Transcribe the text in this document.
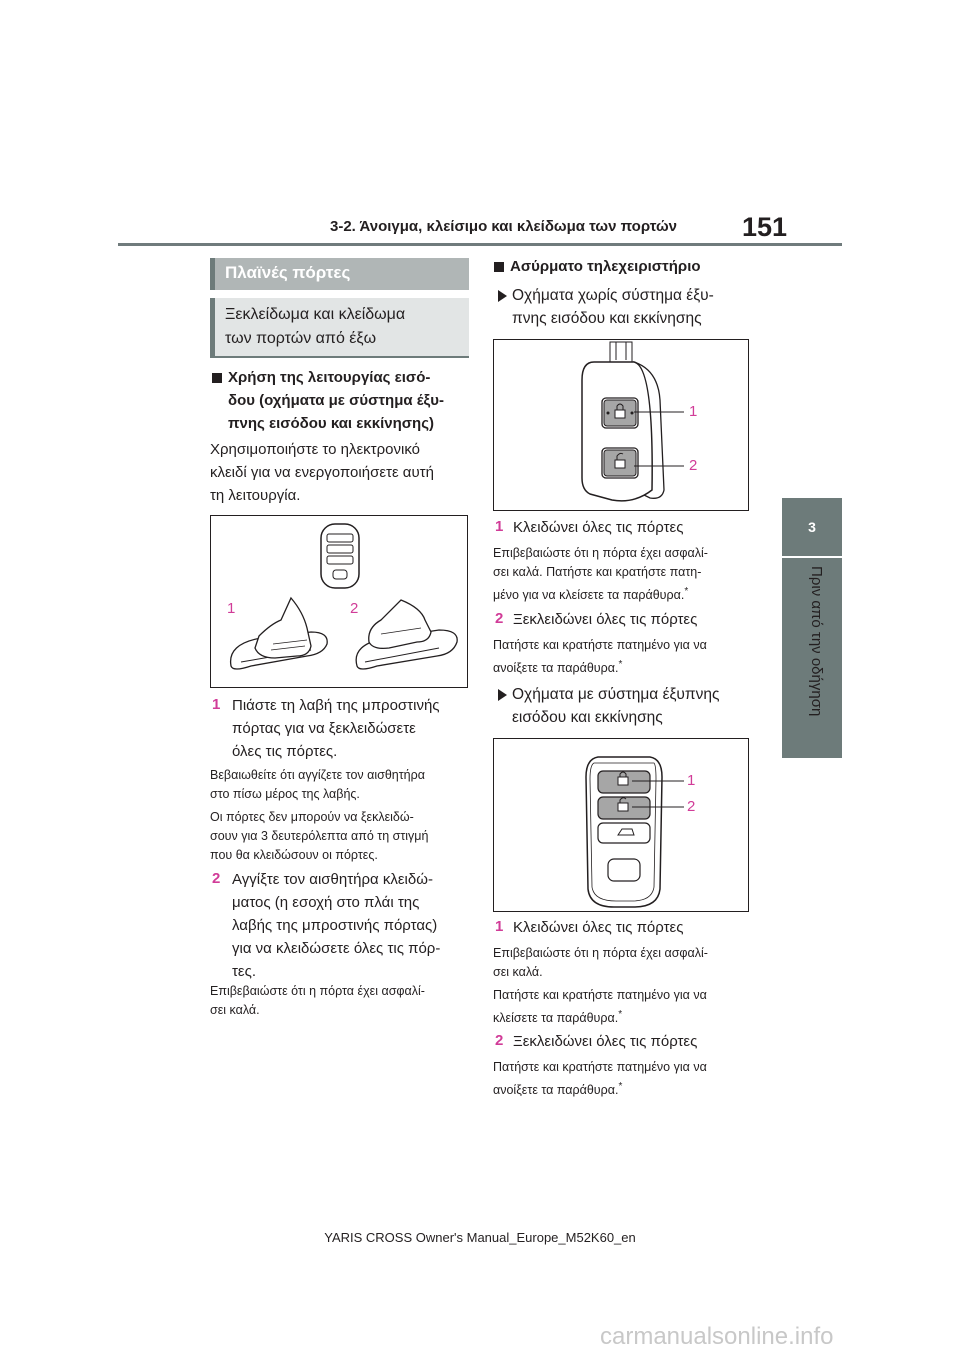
3-2. Άνοιγμα, κλείσιμο και κλείδωμα των πορτών 151
3
Πριν από την οδήγηση
Πλαϊνές πόρτες
Ξεκλείδωμα και κλείδωμα
των πορτών από έξω
Χρήση της λειτουργίας εισό-
δου (οχήματα με σύστημα έξυ-
πνης εισόδου και εκκίνησης)
Χρησιμοποιήστε το ηλεκτρονικό
κλειδί για να ενεργοποιήσετε αυτή
τη λειτουργία.
1	2
1 Πιάστε τη λαβή της μπροστινής
πόρτας για να ξεκλειδώσετε
όλες τις πόρτες.
Βεβαιωθείτε ότι αγγίζετε τον αισθητήρα
στο πίσω μέρος της λαβής.
Οι πόρτες δεν μπορούν να ξεκλειδώ-
σουν για 3 δευτερόλεπτα από τη στιγμή
που θα κλειδώσουν οι πόρτες.
2 Αγγίξτε τον αισθητήρα κλειδώ-
ματος (η εσοχή στο πλάι της
λαβής της μπροστινής πόρτας)
για να κλειδώσετε όλες τις πόρ-
τες.
Επιβεβαιώστε ότι η πόρτα έχει ασφαλί-
σει καλά.
Ασύρματο τηλεχειριστήριο
Οχήματα χωρίς σύστημα έξυ-
πνης εισόδου και εκκίνησης
1
2
1 Κλειδώνει όλες τις πόρτες
Επιβεβαιώστε ότι η πόρτα έχει ασφαλί-
σει καλά. Πατήστε και κρατήστε πατη-
μένο για να κλείσετε τα παράθυρα.*
2 Ξεκλειδώνει όλες τις πόρτες
Πατήστε και κρατήστε πατημένο για να
ανοίξετε τα παράθυρα.*
Οχήματα με σύστημα έξυπνης
εισόδου και εκκίνησης
1
2
1 Κλειδώνει όλες τις πόρτες
Επιβεβαιώστε ότι η πόρτα έχει ασφαλί-
σει καλά.
Πατήστε και κρατήστε πατημένο για να
κλείσετε τα παράθυρα.*
2 Ξεκλειδώνει όλες τις πόρτες
Πατήστε και κρατήστε πατημένο για να
ανοίξετε τα παράθυρα.*
YARIS CROSS Owner's Manual_Europe_M52K60_en
carmanualsonline.info
